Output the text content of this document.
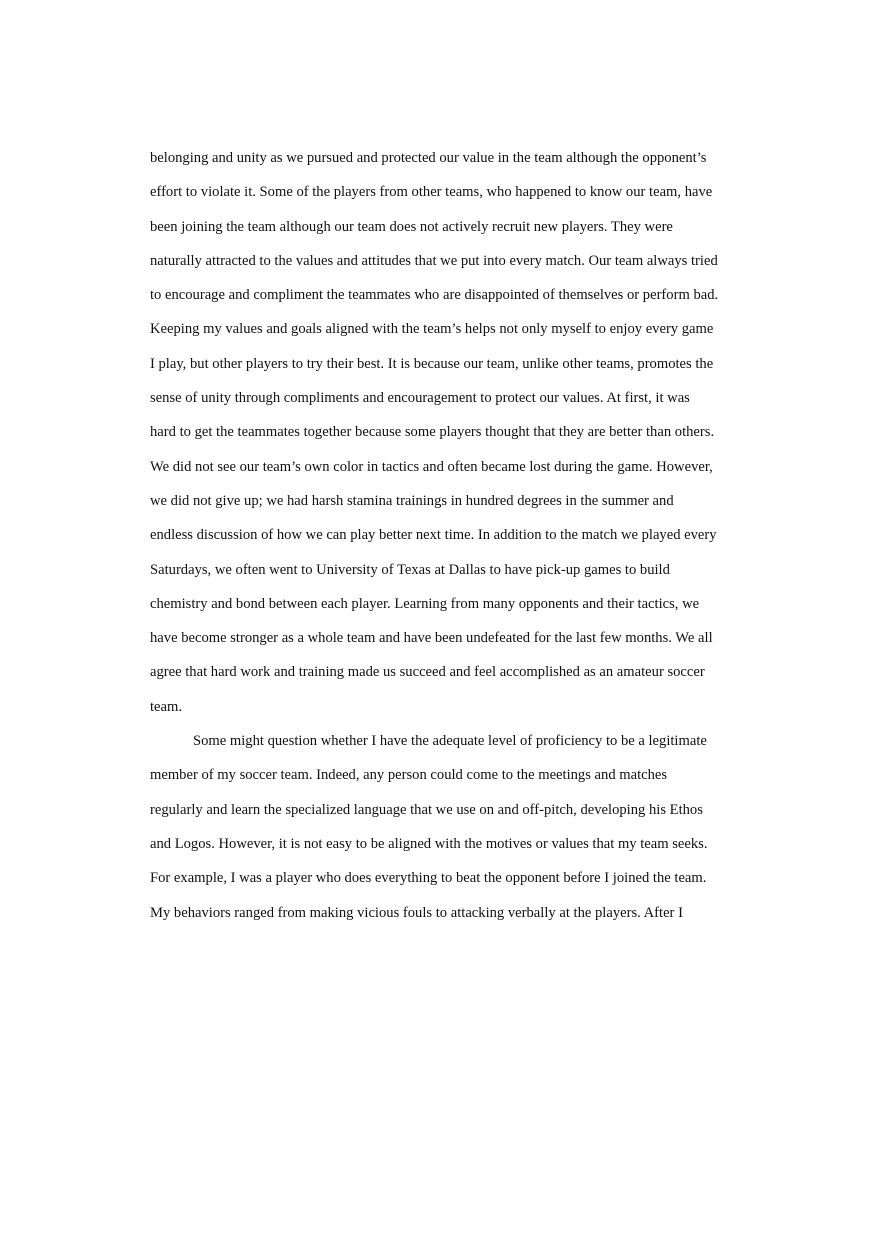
belonging and unity as we pursued and protected our value in the team although the opponent’s
effort to violate it. Some of the players from other teams, who happened to know our team, have
been joining the team although our team does not actively recruit new players. They were
naturally attracted to the values and attitudes that we put into every match. Our team always tried
to encourage and compliment the teammates who are disappointed of themselves or perform bad.
Keeping my values and goals aligned with the team’s helps not only myself to enjoy every game
I play, but other players to try their best. It is because our team, unlike other teams, promotes the
sense of unity through compliments and encouragement to protect our values. At first, it was
hard to get the teammates together because some players thought that they are better than others.
We did not see our team’s own color in tactics and often became lost during the game. However,
we did not give up; we had harsh stamina trainings in hundred degrees in the summer and
endless discussion of how we can play better next time. In addition to the match we played every
Saturdays, we often went to University of Texas at Dallas to have pick-up games to build
chemistry and bond between each player. Learning from many opponents and their tactics, we
have become stronger as a whole team and have been undefeated for the last few months. We all
agree that hard work and training made us succeed and feel accomplished as an amateur soccer
team.
Some might question whether I have the adequate level of proficiency to be a legitimate
member of my soccer team. Indeed, any person could come to the meetings and matches
regularly and learn the specialized language that we use on and off-pitch, developing his Ethos
and Logos. However, it is not easy to be aligned with the motives or values that my team seeks.
For example, I was a player who does everything to beat the opponent before I joined the team.
My behaviors ranged from making vicious fouls to attacking verbally at the players. After I
